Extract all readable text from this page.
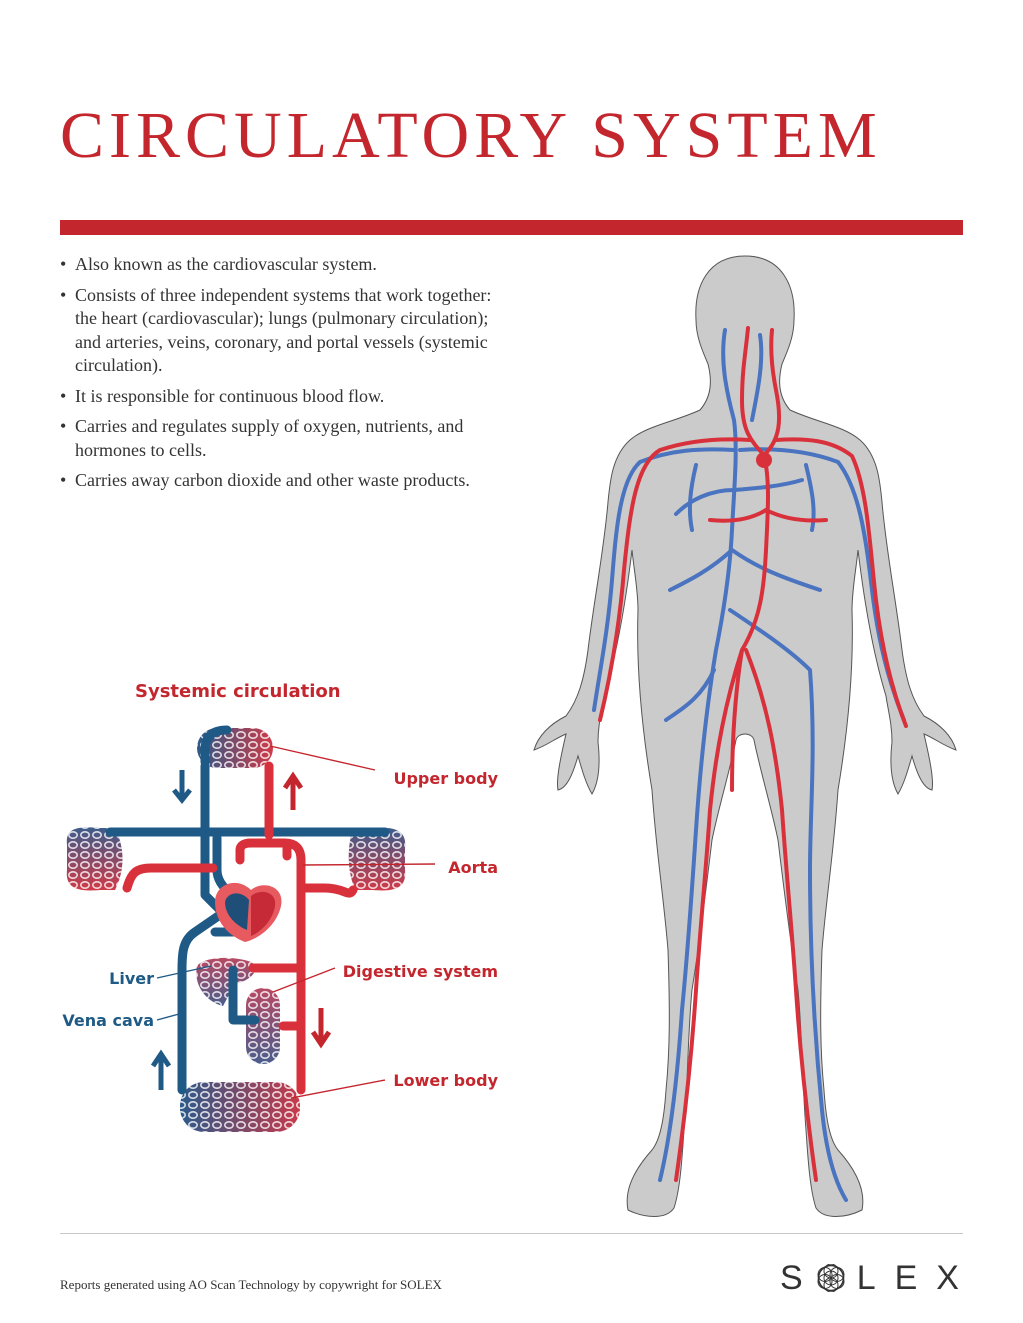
CIRCULATORY SYSTEM
• Also known as the cardiovascular system.
• Consists of three independent systems that work together: the heart (cardiovascular); lungs (pulmonary circulation); and arteries, veins, coronary, and portal vessels (systemic circulation).
• It is responsible for continuous blood flow.
• Carries and regulates supply of oxygen, nutrients, and hormones to cells.
• Carries away carbon dioxide and other waste products.
Systemic circulation
Upper body
Aorta
Digestive system
Lower body
Liver
Vena cava
Reports generated using AO Scan Technology by copywright for SOLEX	S LEX
